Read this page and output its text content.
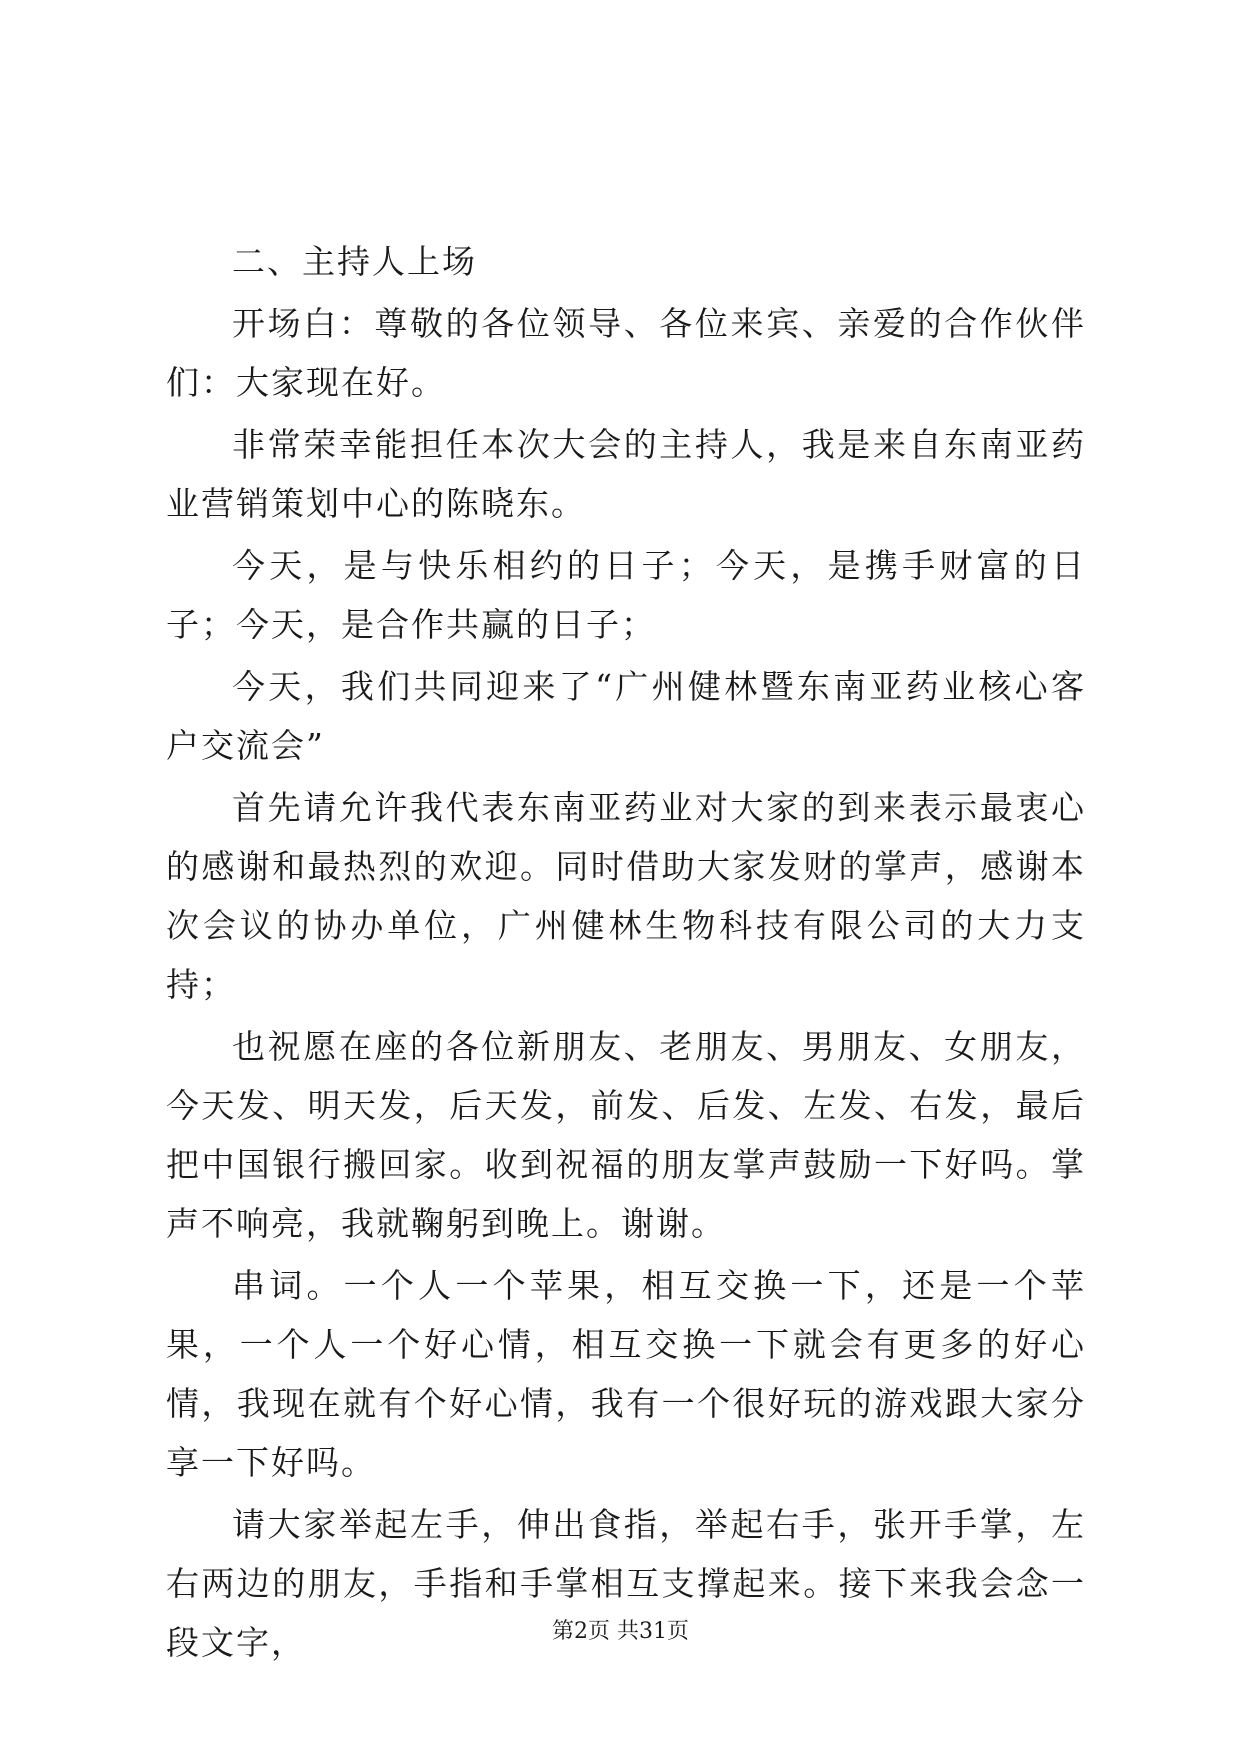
二、主持人上场

开场白：尊敬的各位领导、各位来宾、亲爱的合作伙伴们：大家现在好。

非常荣幸能担任本次大会的主持人，我是来自东南亚药业营销策划中心的陈晓东。

今天，是与快乐相约的日子；今天，是携手财富的日子；今天，是合作共赢的日子；

今天，我们共同迎来了“广州健林暨东南亚药业核心客户交流会”

首先请允许我代表东南亚药业对大家的到来表示最衷心的感谢和最热烈的欢迎。同时借助大家发财的掌声，感谢本次会议的协办单位，广州健林生物科技有限公司的大力支持；

也祝愿在座的各位新朋友、老朋友、男朋友、女朋友，今天发、明天发，后天发，前发、后发、左发、右发，最后把中国银行搬回家。收到祝福的朋友掌声鼓励一下好吗。掌声不响亮，我就鞠躬到晚上。谢谢。

串词。一个人一个苹果，相互交换一下，还是一个苹果，一个人一个好心情，相互交换一下就会有更多的好心情，我现在就有个好心情，我有一个很好玩的游戏跟大家分享一下好吗。

请大家举起左手，伸出食指，举起右手，张开手掌，左右两边的朋友，手指和手掌相互支撑起来。接下来我会念一段文字，	第2页 共31页
